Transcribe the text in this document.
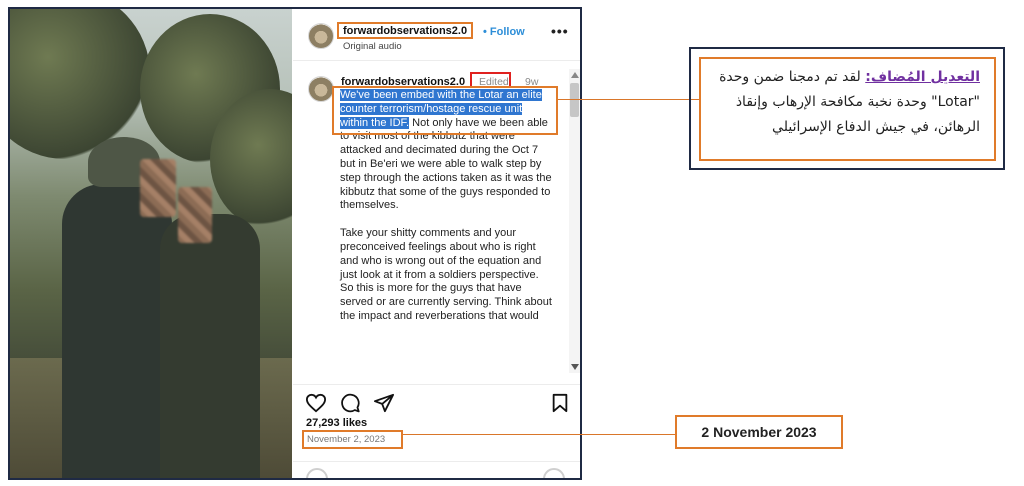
forwardobservations2.0 • Follow
Original audio
•••
forwardobservations2.0 Edited 9w
We've been embed with the Lotar an elite counter terrorism/hostage rescue unit within the IDF. Not only have we been able to visit most of the kibbutz that were attacked and decimated during the Oct 7 but in Be'eri we were able to walk step by step through the actions taken as it was the kibbutz that some of the guys responded to themselves.
Take your shitty comments and your preconceived feelings about who is right and who is wrong out of the equation and just look at it from a soldiers perspective. So this is more for the guys that have served or are currently serving. Think about the impact and reverberations that would
27,293 likes
November 2, 2023
التعديل المُضاف: لقد تم دمجنا ضمن وحدة "Lotar" وحدة نخبة مكافحة الإرهاب وإنقاذ الرهائن، في جيش الدفاع الإسرائيلي
2 November 2023
